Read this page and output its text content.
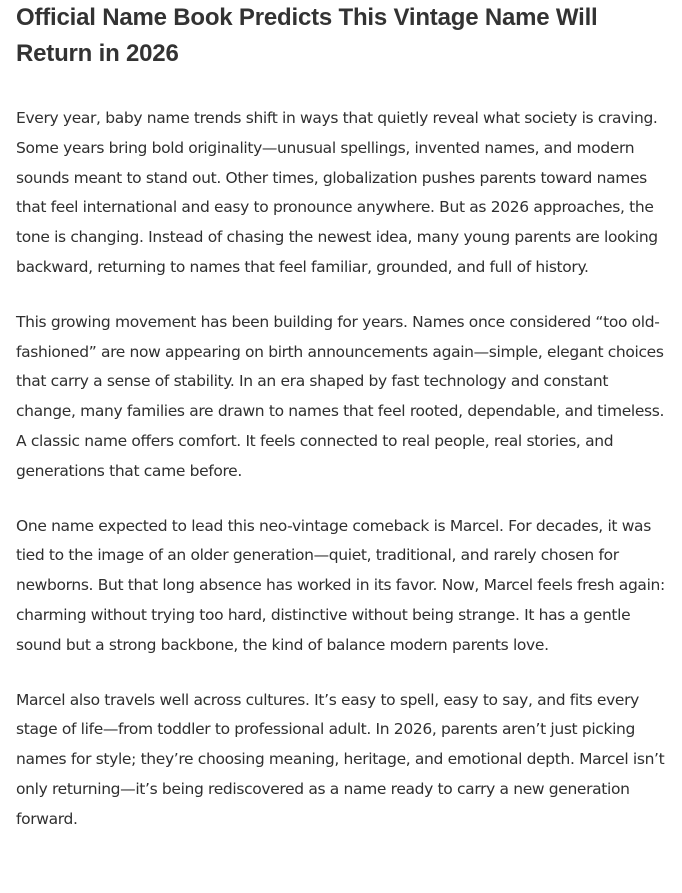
Official Name Book Predicts This Vintage Name Will Return in 2026

Every year, baby name trends shift in ways that quietly reveal what society is craving. Some years bring bold originality—unusual spellings, invented names, and modern sounds meant to stand out. Other times, globalization pushes parents toward names that feel international and easy to pronounce anywhere. But as 2026 approaches, the tone is changing. Instead of chasing the newest idea, many young parents are looking backward, returning to names that feel familiar, grounded, and full of history.

This growing movement has been building for years. Names once considered “too old-fashioned” are now appearing on birth announcements again—simple, elegant choices that carry a sense of stability. In an era shaped by fast technology and constant change, many families are drawn to names that feel rooted, dependable, and timeless. A classic name offers comfort. It feels connected to real people, real stories, and generations that came before.

One name expected to lead this neo-vintage comeback is Marcel. For decades, it was tied to the image of an older generation—quiet, traditional, and rarely chosen for newborns. But that long absence has worked in its favor. Now, Marcel feels fresh again: charming without trying too hard, distinctive without being strange. It has a gentle sound but a strong backbone, the kind of balance modern parents love.

Marcel also travels well across cultures. It’s easy to spell, easy to say, and fits every stage of life—from toddler to professional adult. In 2026, parents aren’t just picking names for style; they’re choosing meaning, heritage, and emotional depth. Marcel isn’t only returning—it’s being rediscovered as a name ready to carry a new generation forward.
